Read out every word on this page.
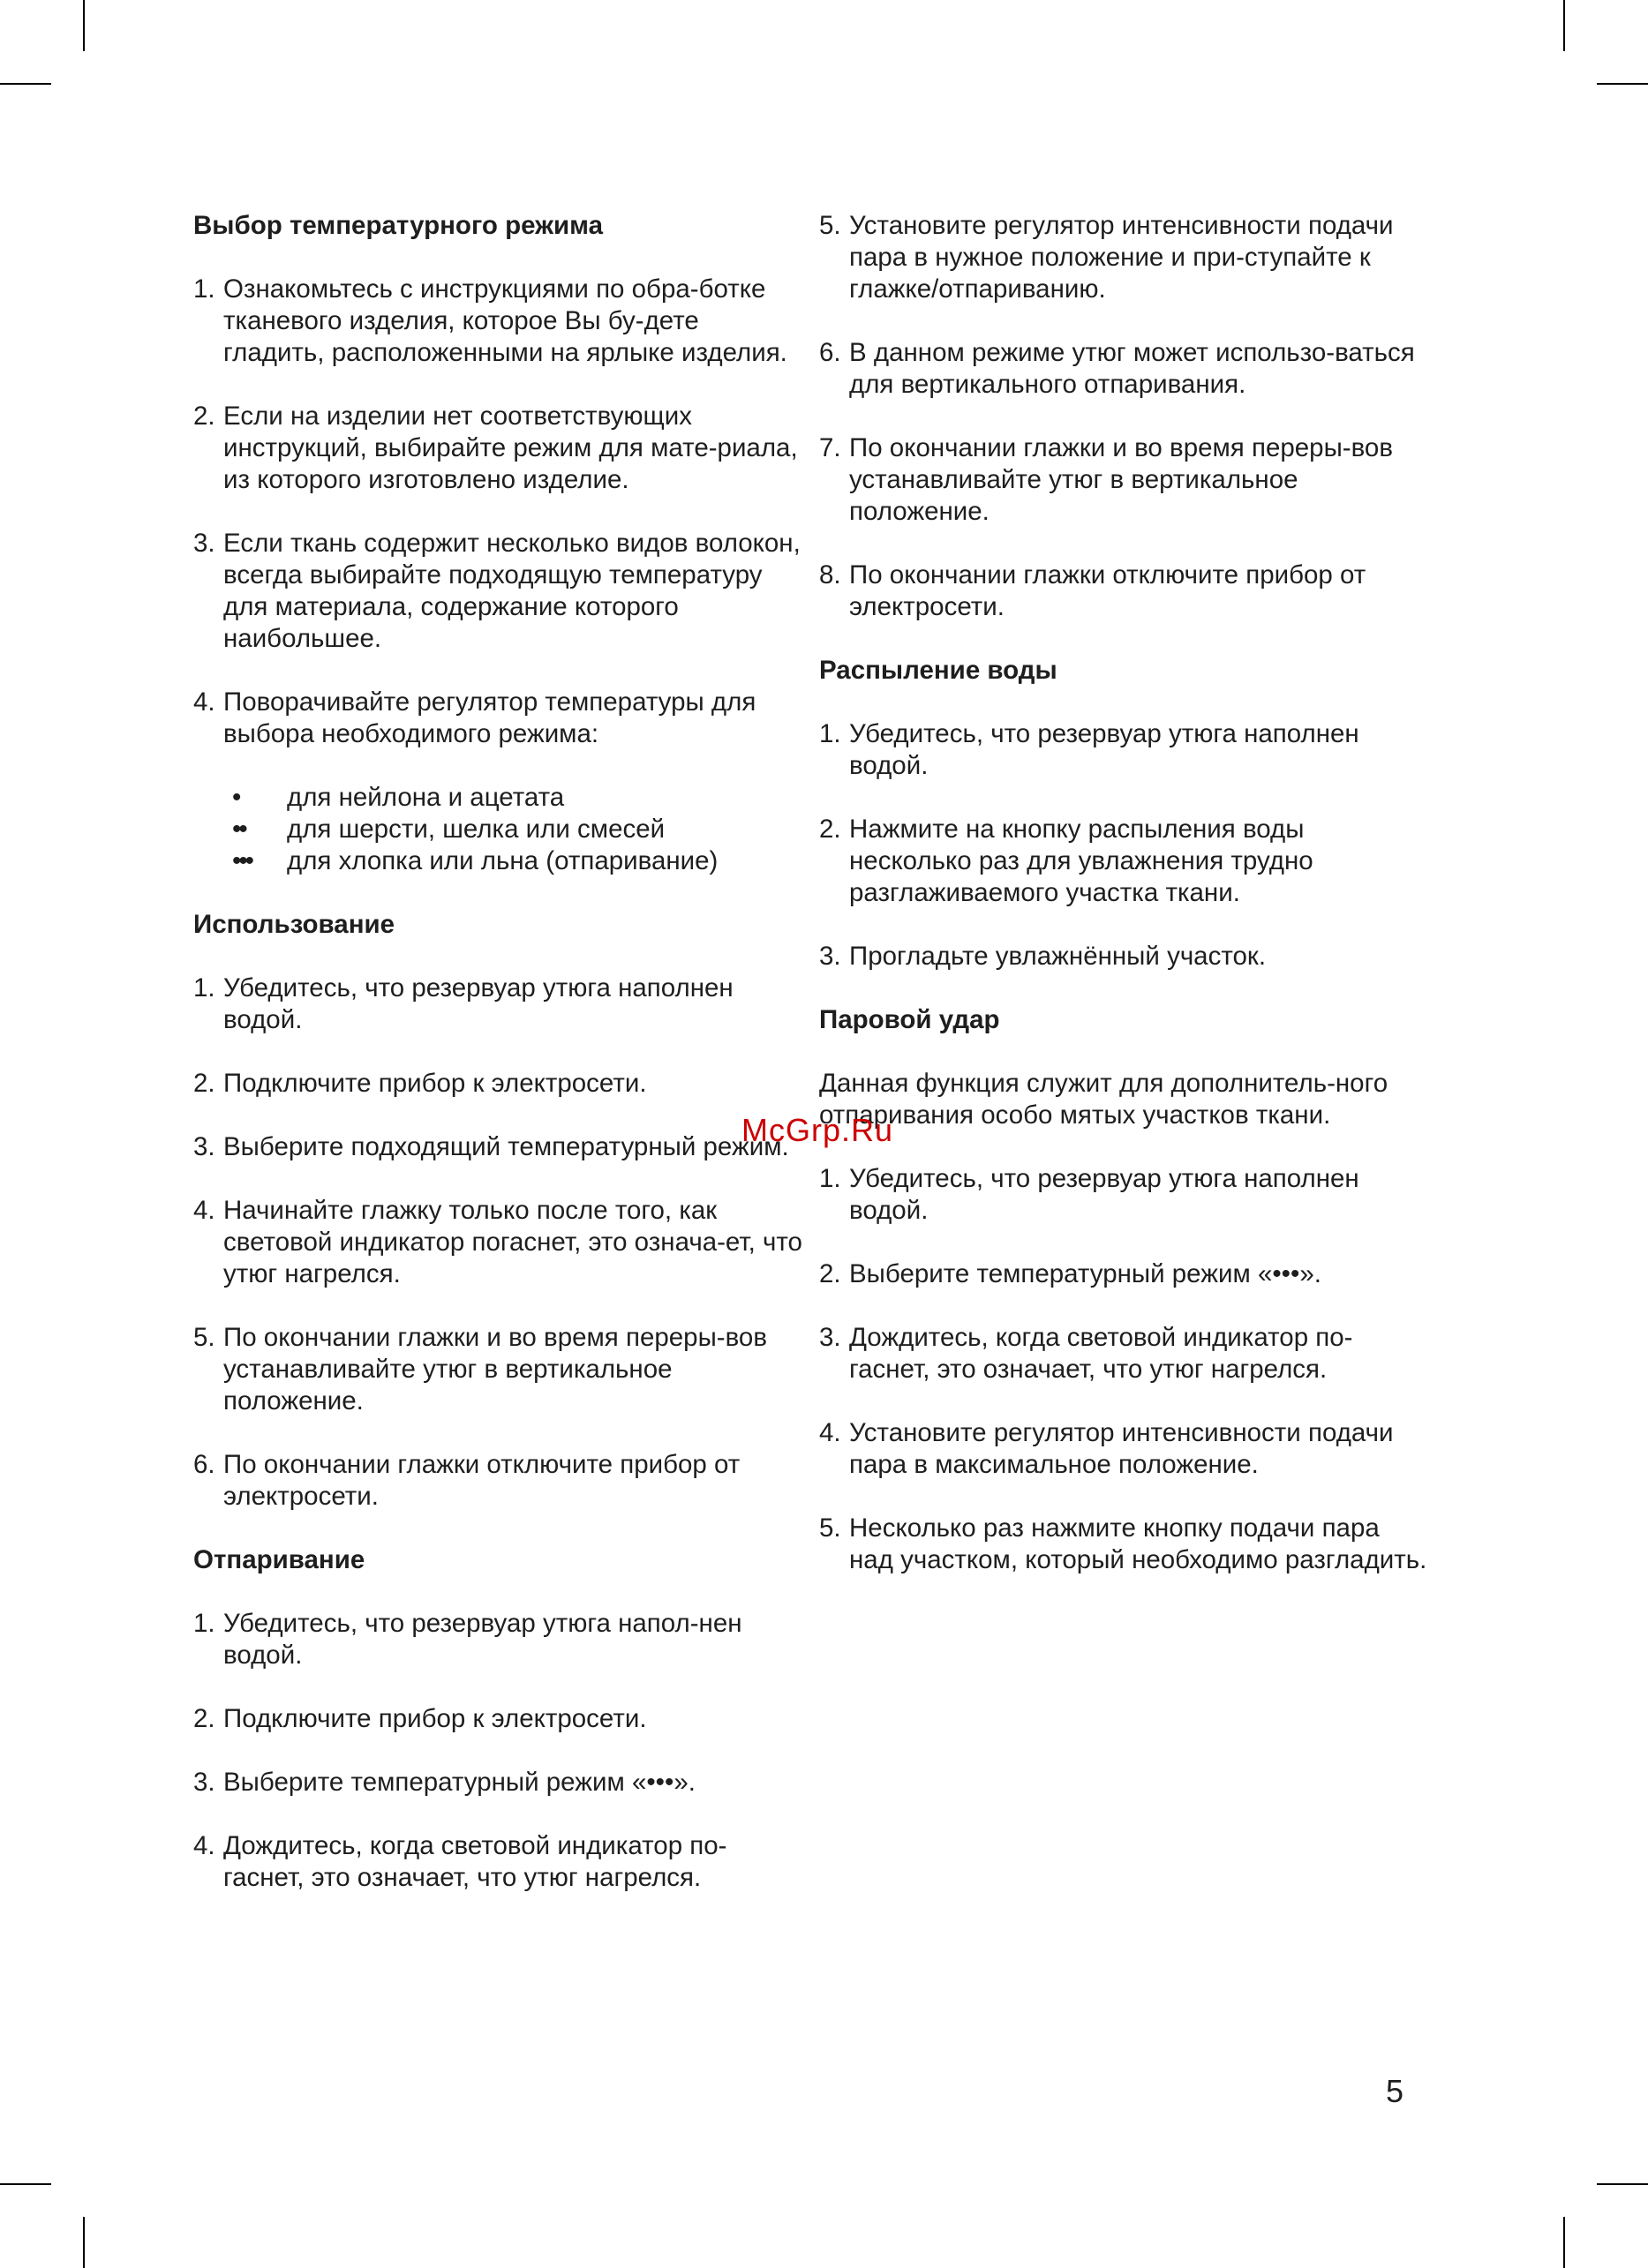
Выбор температурного режима
1. Ознакомьтесь с инструкциями по обра-ботке тканевого изделия, которое Вы бу-дете гладить, расположенными на ярлыке изделия.
2. Если на изделии нет соответствующих инструкций, выбирайте режим для мате-риала, из которого изготовлено изделие.
3. Если ткань содержит несколько видов волокон, всегда выбирайте подходящую температуру для материала, содержание которого наибольшее.
4. Поворачивайте регулятор температуры для выбора необходимого режима:
• для нейлона и ацетата
•• для шерсти, шелка или смесей
••• для хлопка или льна (отпаривание)
Использование
1. Убедитесь, что резервуар утюга наполнен водой.
2. Подключите прибор к электросети.
3. Выберите подходящий температурный режим.
4. Начинайте глажку только после того, как световой индикатор погаснет, это означа-ет, что утюг нагрелся.
5. По окончании глажки и во время переры-вов устанавливайте утюг в вертикальное положение.
6. По окончании глажки отключите прибор от электросети.
Отпаривание
1. Убедитесь, что резервуар утюга напол-нен водой.
2. Подключите прибор к электросети.
3. Выберите температурный режим «•••».
4. Дождитесь, когда световой индикатор по-гаснет, это означает, что утюг нагрелся.
5. Установите регулятор интенсивности подачи пара в нужное положение и при-ступайте к глажке/отпариванию.
6. В данном режиме утюг может использо-ваться для вертикального отпаривания.
7. По окончании глажки и во время переры-вов устанавливайте утюг в вертикальное положение.
8. По окончании глажки отключите прибор от электросети.
Распыление воды
1. Убедитесь, что резервуар утюга наполнен водой.
2. Нажмите на кнопку распыления воды несколько раз для увлажнения трудно разглаживаемого участка ткани.
3. Прогладьте увлажнённый участок.
Паровой удар
Данная функция служит для дополнитель-ного отпаривания особо мятых участков ткани.
1. Убедитесь, что резервуар утюга наполнен водой.
2. Выберите температурный режим «•••».
3. Дождитесь, когда световой индикатор по-гаснет, это означает, что утюг нагрелся.
4. Установите регулятор интенсивности подачи пара в максимальное положение.
5. Несколько раз нажмите кнопку подачи пара над участком, который необходимо разгладить.
McGrp.Ru
5
